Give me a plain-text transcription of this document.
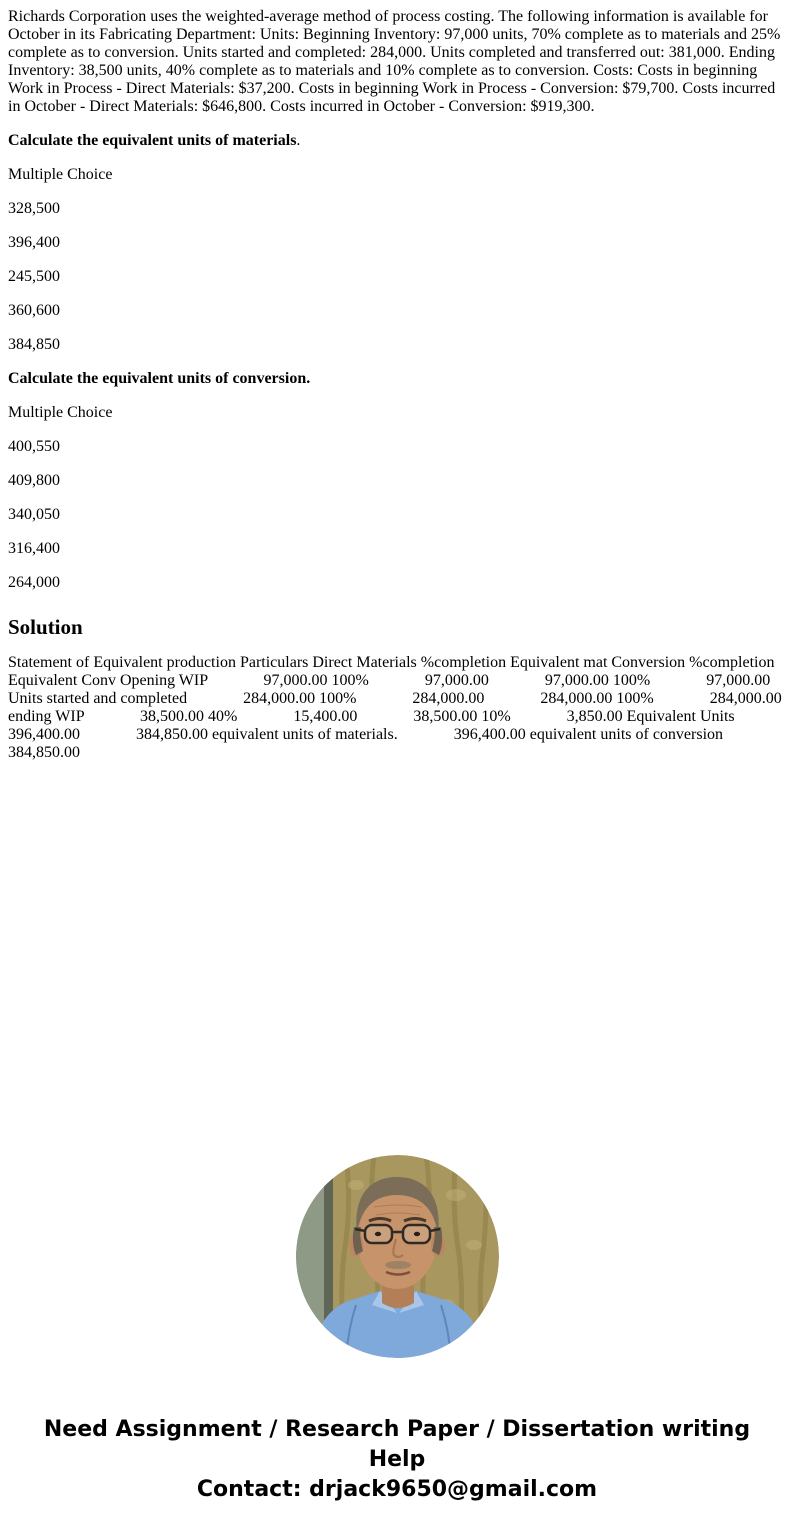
Richards Corporation uses the weighted-average method of process costing. The following information is available for October in its Fabricating Department: Units: Beginning Inventory: 97,000 units, 70% complete as to materials and 25% complete as to conversion. Units started and completed: 284,000. Units completed and transferred out: 381,000. Ending Inventory: 38,500 units, 40% complete as to materials and 10% complete as to conversion. Costs: Costs in beginning Work in Process - Direct Materials: $37,200. Costs in beginning Work in Process - Conversion: $79,700. Costs incurred in October - Direct Materials: $646,800. Costs incurred in October - Conversion: $919,300.

Calculate the equivalent units of materials.

Multiple Choice

328,500

396,400

245,500

360,600

384,850

Calculate the equivalent units of conversion.

Multiple Choice

400,550

409,800

340,050

316,400

264,000

Solution

Statement of Equivalent production Particulars Direct Materials %completion Equivalent mat Conversion %completion Equivalent Conv Opening WIP              97,000.00 100%              97,000.00              97,000.00 100%              97,000.00 Units started and completed              284,000.00 100%              284,000.00              284,000.00 100%              284,000.00 ending WIP              38,500.00 40%              15,400.00              38,500.00 10%              3,850.00 Equivalent Units              396,400.00              384,850.00 equivalent units of materials.              396,400.00 equivalent units of conversion              384,850.00

Need Assignment / Research Paper / Dissertation writing Help
Contact: drjack9650@gmail.com
